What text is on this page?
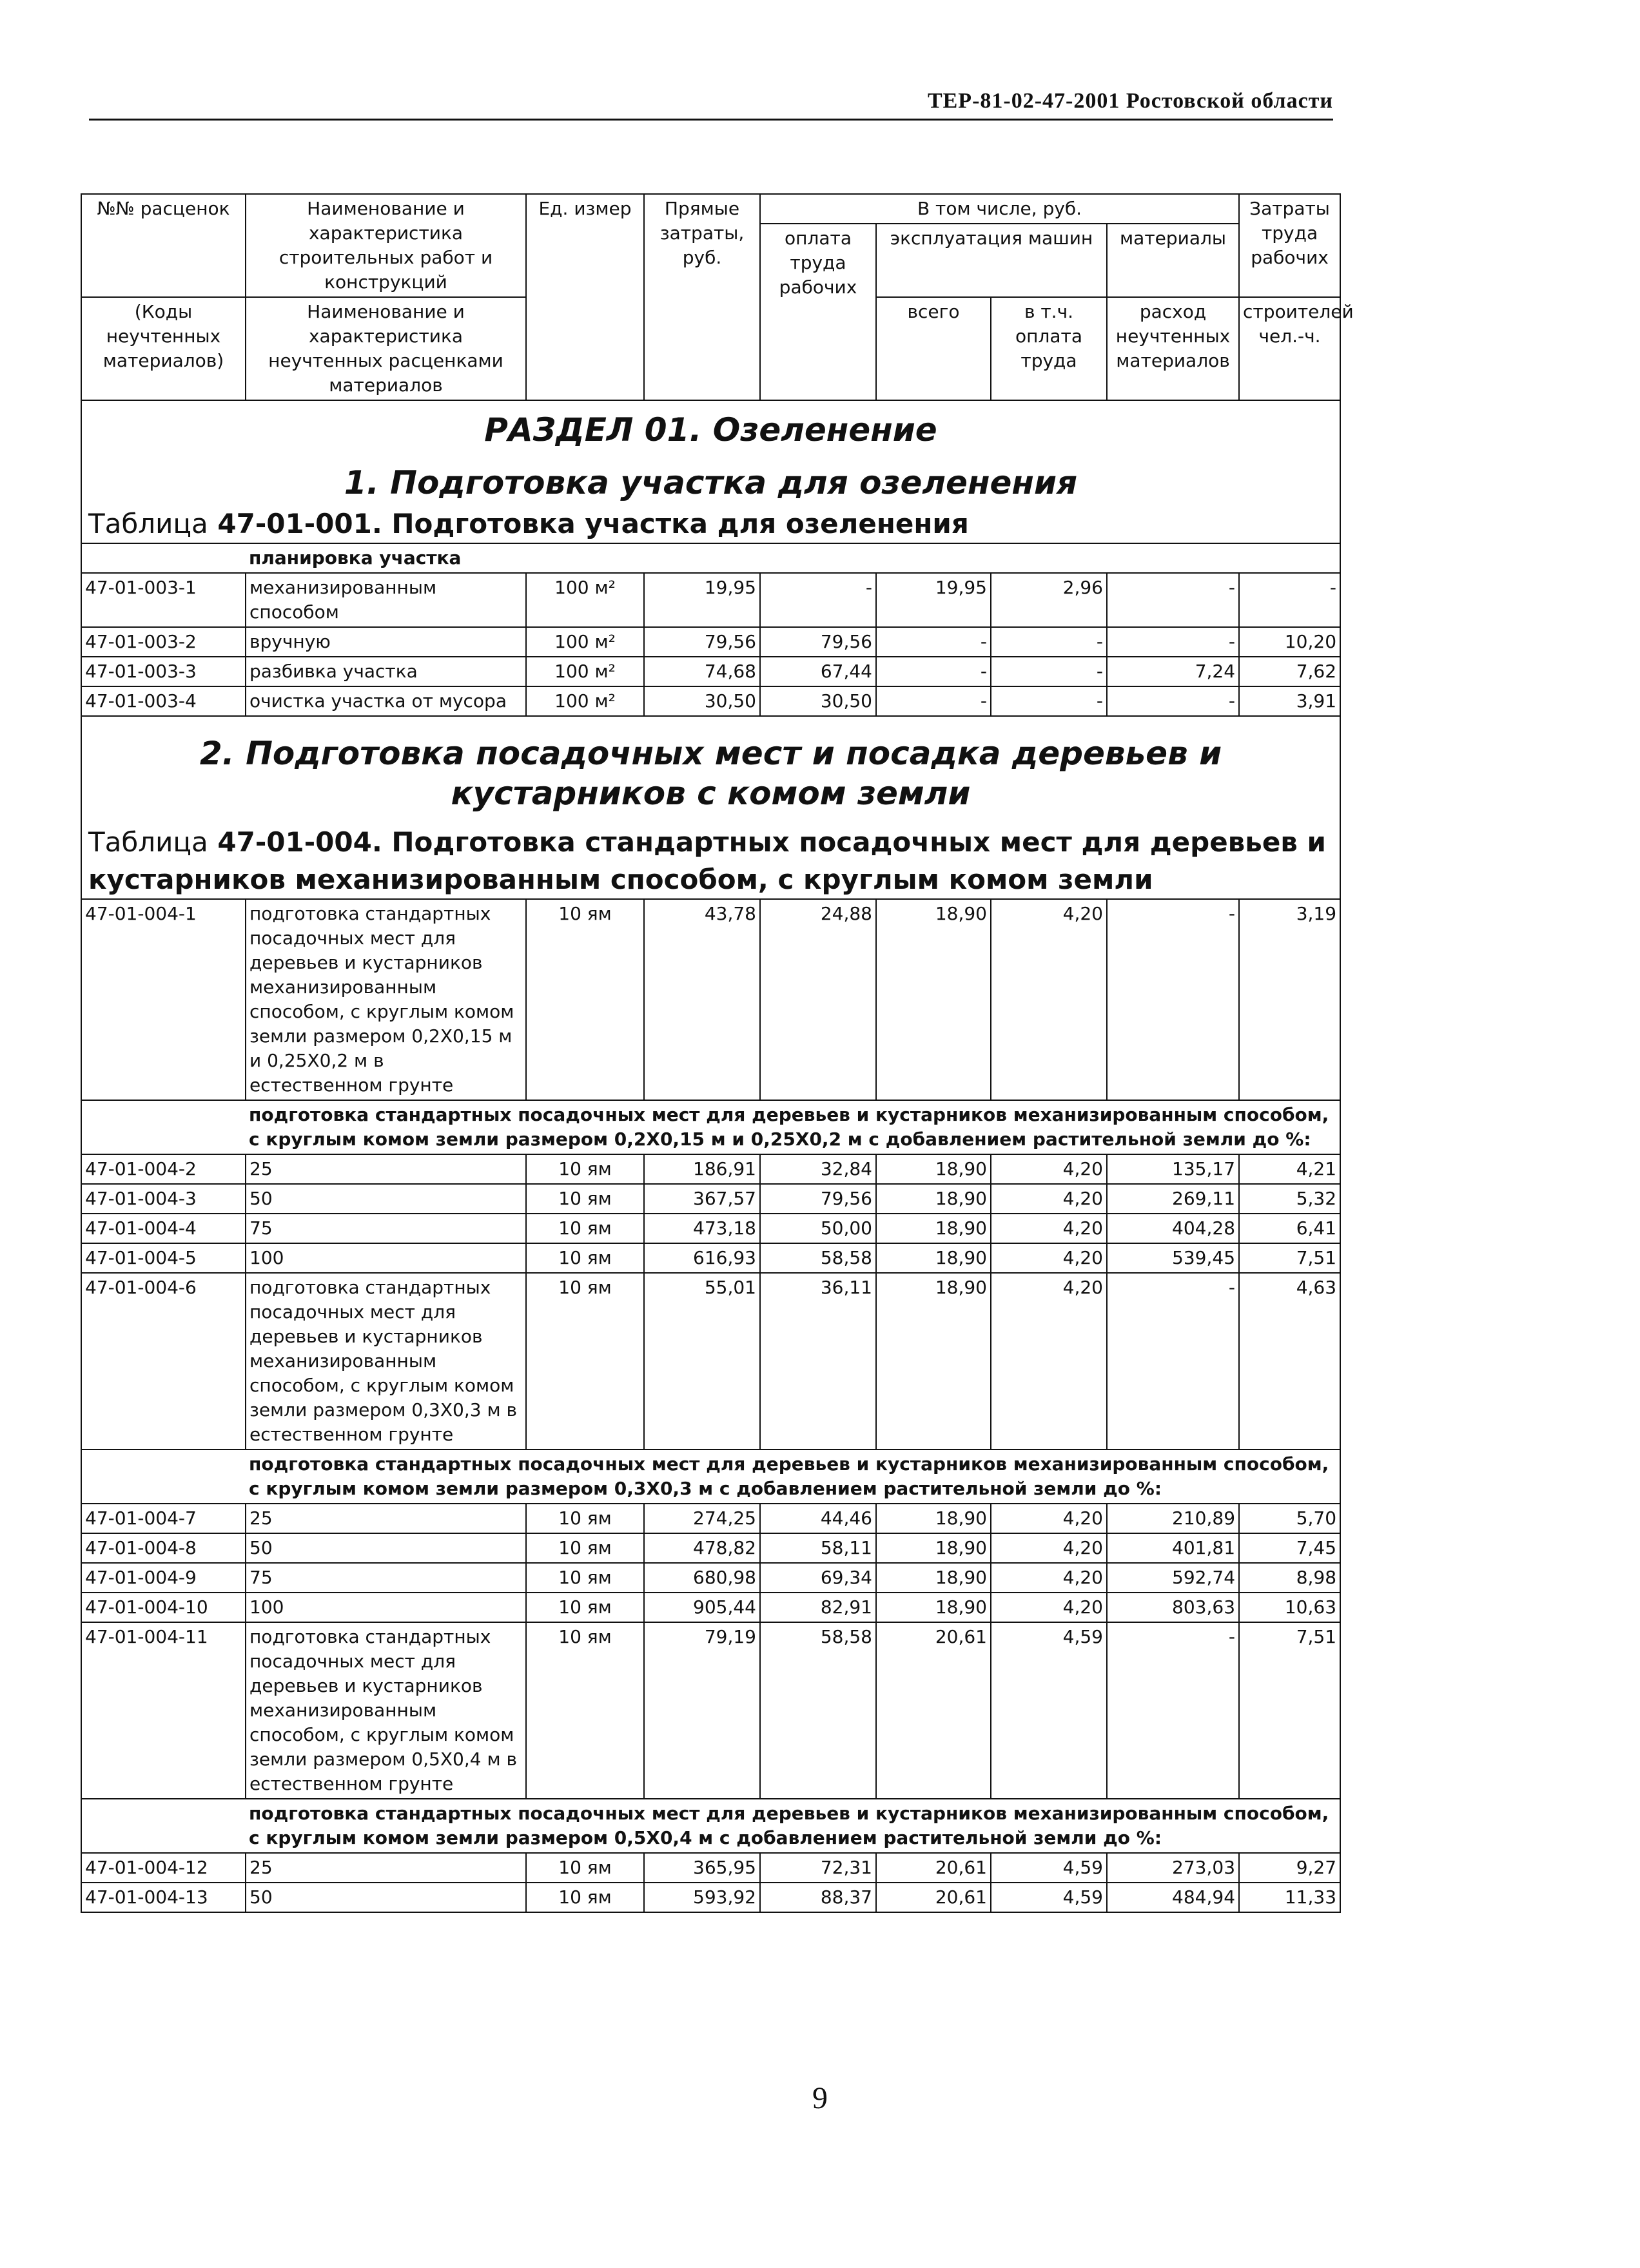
ТЕР-81-02-47-2001 Ростовской области
№№ расценок	Наименование и характеристика строительных работ и конструкций	Ед. измер	Прямые затраты, руб.	В том числе, руб.				Затраты труда рабочих
				оплата труда рабочих	эксплуатация машин		материалы	
(Коды неучтенных материалов)	Наименование и характеристика неучтенных расценками материалов				всего	в т.ч. оплата труда	расход неучтенных материалов	строителей чел.-ч.

РАЗДЕЛ 01. Озеленение
1. Подготовка участка для озеленения
Таблица 47-01-001. Подготовка участка для озеленения								

	планировка участка							
47-01-003-1	механизированным способом	100 м²	19,95	-	19,95	2,96	-	-
47-01-003-2	вручную	100 м²	79,56	79,56	-	-	-	10,20
47-01-003-3	разбивка участка	100 м²	74,68	67,44	-	-	7,24	7,62
47-01-003-4	очистка участка от мусора	100 м²	30,50	30,50	-	-	-	3,91

2. Подготовка посадочных мест и посадка деревьев и кустарников с комом земли
Таблица 47-01-004. Подготовка стандартных посадочных мест для деревьев и кустарников механизированным способом, с круглым комом земли								

47-01-004-1	подготовка стандартных посадочных мест для деревьев и кустарников механизированным способом, с круглым комом земли размером 0,2Х0,15 м и 0,25Х0,2 м в естественном грунте	10 ям	43,78	24,88	18,90	4,20	-	3,19
	подготовка стандартных посадочных мест для деревьев и кустарников механизированным способом, с круглым комом земли размером 0,2Х0,15 м и 0,25Х0,2 м с добавлением растительной земли до %:							
47-01-004-2	25	10 ям	186,91	32,84	18,90	4,20	135,17	4,21
47-01-004-3	50	10 ям	367,57	79,56	18,90	4,20	269,11	5,32
47-01-004-4	75	10 ям	473,18	50,00	18,90	4,20	404,28	6,41
47-01-004-5	100	10 ям	616,93	58,58	18,90	4,20	539,45	7,51
47-01-004-6	подготовка стандартных посадочных мест для деревьев и кустарников механизированным способом, с круглым комом земли размером 0,3Х0,3 м в естественном грунте	10 ям	55,01	36,11	18,90	4,20	-	4,63
	подготовка стандартных посадочных мест для деревьев и кустарников механизированным способом, с круглым комом земли размером 0,3Х0,3 м с добавлением растительной земли до %:							
47-01-004-7	25	10 ям	274,25	44,46	18,90	4,20	210,89	5,70
47-01-004-8	50	10 ям	478,82	58,11	18,90	4,20	401,81	7,45
47-01-004-9	75	10 ям	680,98	69,34	18,90	4,20	592,74	8,98
47-01-004-10	100	10 ям	905,44	82,91	18,90	4,20	803,63	10,63
47-01-004-11	подготовка стандартных посадочных мест для деревьев и кустарников механизированным способом, с круглым комом земли размером 0,5Х0,4 м в естественном грунте	10 ям	79,19	58,58	20,61	4,59	-	7,51
	подготовка стандартных посадочных мест для деревьев и кустарников механизированным способом, с круглым комом земли размером 0,5Х0,4 м с добавлением растительной земли до %:							
47-01-004-12	25	10 ям	365,95	72,31	20,61	4,59	273,03	9,27
47-01-004-13	50	10 ям	593,92	88,37	20,61	4,59	484,94	11,33
9
